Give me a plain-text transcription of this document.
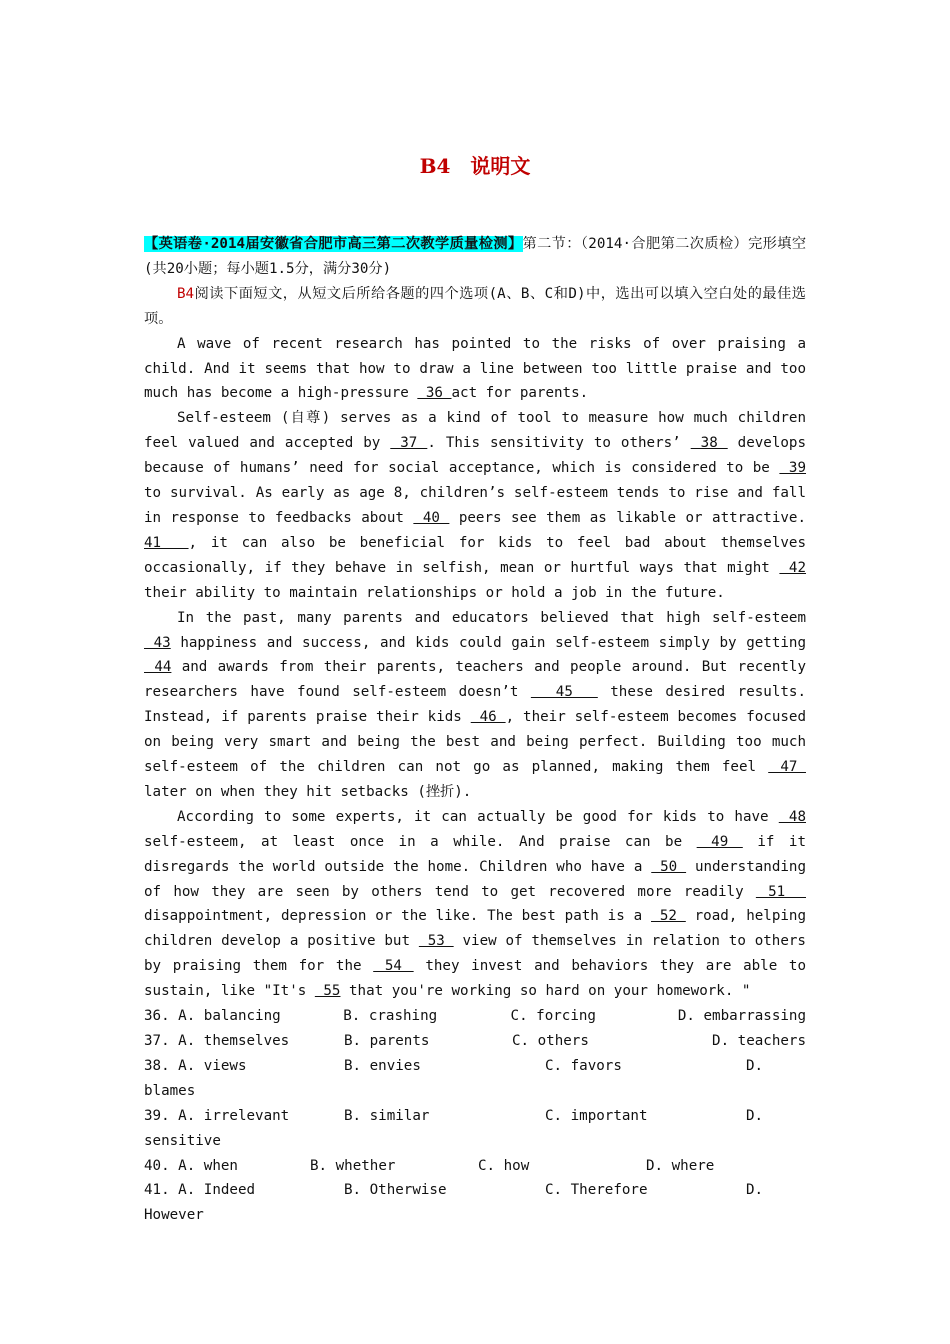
B4　说明文

【英语卷·2014届安徽省合肥市高三第二次教学质量检测】第二节：（2014·合肥第二次质检）完形填空 (共20小题；每小题1.5分，满分30分)

B4阅读下面短文，从短文后所给各题的四个选项(A、B、C和D)中，选出可以填入空白处的最佳选项。

A wave of recent research has pointed to the risks of over praising a child. And it seems that how to draw a line between too little praise and too much has become a high-pressure  36 act for parents.

Self-esteem (自尊) serves as a kind of tool to measure how much children feel valued and accepted by  37 . This sensitivity to others’  38  develops because of humans’ need for social acceptance, which is considered to be  39 to survival. As early as age 8, children’s self-esteem tends to rise and fall in response to feedbacks about  40  peers see them as likable or attractive. 41  , it can also be beneficial for kids to feel bad about themselves occasionally, if they behave in selfish, mean or hurtful ways that might  42 their ability to maintain relationships or hold a job in the future.

In the past, many parents and educators believed that high self-esteem  43 happiness and success, and kids could gain self-esteem simply by getting  44 and awards from their parents, teachers and people around. But recently researchers have found self-esteem doesn’t   45   these desired results. Instead, if parents praise their kids  46 , their self-esteem becomes focused on being very smart and being the best and being perfect. Building too much self-esteem of the children can not go as planned, making them feel  47  later on when they hit setbacks (挫折).

According to some experts, it can actually be good for kids to have  48 self-esteem, at least once in a while. And praise can be  49  if it disregards the world outside the home. Children who have a  50  understanding of how they are seen by others tend to get recovered more readily  51   disappointment, depression or the like. The best path is a  52  road, helping children develop a positive but  53  view of themselves in relation to others by praising them for the  54  they invest and behaviors they are able to sustain, like "It's  55 that you're working so hard on your homework. "

36. A. balancing	B. crashing	C. forcing	D. embarrassing

37. A. themselves	B. parents	C. others	D. teachers

38. A. views	B. envies	C. favors	D.

blames

39. A. irrelevant	B. similar	C. important	D.

sensitive

40. A. when	B. whether	C. how	D. where

41. A. Indeed	B. Otherwise	C. Therefore	D.

However
